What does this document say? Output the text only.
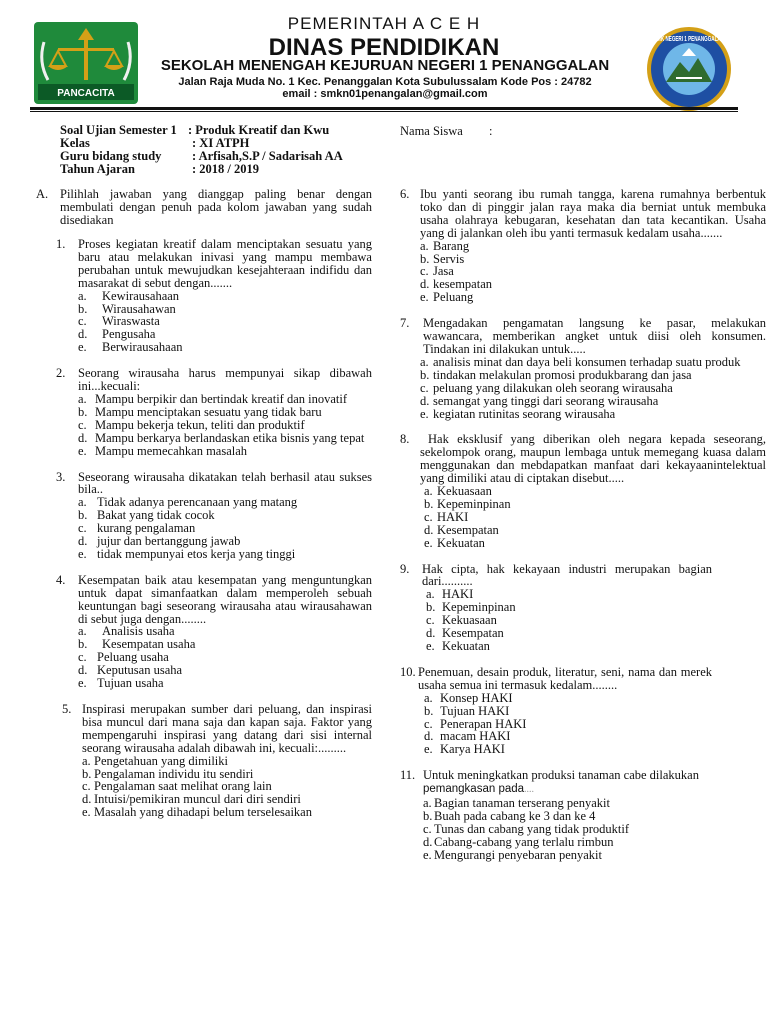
PEMERINTAH A C E H
DINAS PENDIDIKAN
SEKOLAH MENENGAH KEJURUAN NEGERI 1 PENANGGALAN
Jalan Raja Muda No. 1 Kec. Penanggalan Kota Subulussalam Kode Pos : 24782
email : smkn01penangalan@gmail.com
PANCACITA
SMK NEGERI 1 PENANGGALAN
Soal Ujian Semester 1 : Produk Kreatif dan Kwu
Kelas	: XI ATPH
Guru bidang study : Arfisah,S.P / Sadarisah AA
Tahun Ajaran	: 2018 / 2019
Nama Siswa :
A. Pilihlah jawaban yang dianggap paling benar dengan membulati dengan penuh pada kolom jawaban yang sudah disediakan

1. Proses kegiatan kreatif dalam menciptakan sesuatu yang baru atau melakukan inivasi yang mampu membawa perubahan untuk mewujudkan kesejahteraan indifidu dan masarakat di sebut dengan.......

a. Kewirausahaan
b. Wirausahawan
c. Wiraswasta
d. Pengusaha
e. Berwirausahaan
2. Seorang wirausaha harus mempunyai sikap dibawah ini...kecuali:

a. Mampu berpikir dan bertindak kreatif dan inovatif
b. Mampu menciptakan sesuatu yang tidak baru
c. Mampu bekerja tekun, teliti dan produktif
d. Mampu berkarya berlandaskan etika bisnis yang tepat
e. Mampu memecahkan masalah
3. Seseorang wirausaha dikatakan telah berhasil atau sukses bila..

a. Tidak adanya perencanaan yang matang
b. Bakat yang tidak cocok
c. kurang pengalaman
d. jujur dan bertanggung jawab
e. tidak mempunyai etos kerja yang tinggi
4. Kesempatan baik atau kesempatan yang menguntungkan untuk dapat simanfaatkan dalam memperoleh sebuah keuntungan bagi seseorang wirausaha atau wirausahawan di sebut juga dengan........

a. Analisis usaha
b. Kesempatan usaha
c. Peluang usaha
d. Keputusan usaha
e. Tujuan usaha
5. Inspirasi merupakan sumber dari peluang, dan inspirasi bisa muncul dari mana saja dan kapan saja. Faktor yang mempengaruhi inspirasi yang datang dari sisi internal seorang wirausaha adalah dibawah ini, kecuali:.........

a. Pengetahuan yang dimiliki
b. Pengalaman individu itu sendiri
c. Pengalaman saat melihat orang lain
d. Intuisi/pemikiran muncul dari diri sendiri
e. Masalah yang dihadapi belum terselesaikan
6. Ibu yanti seorang ibu rumah tangga, karena rumahnya berbentuk toko dan di pinggir jalan raya maka dia berniat untuk membuka usaha olahraya kebugaran, kesehatan dan tata kecantikan. Usaha yang di jalankan oleh ibu yanti termasuk kedalam usaha.......

a. Barang
b. Servis
c. Jasa
d. kesempatan
e. Peluang
7. Mengadakan pengamatan langsung ke pasar, melakukan wawancara, memberikan angket untuk diisi oleh konsumen. Tindakan ini dilakukan untuk.....

a. analisis minat dan daya beli konsumen terhadap suatu produk
b. tindakan melakulan promosi produkbarang dan jasa
c. peluang yang dilakukan oleh seorang wirausaha
d. semangat yang tinggi dari seorang wirausaha
e. kegiatan rutinitas seorang wirausaha
8.	Hak eksklusif yang diberikan oleh negara kepada seseorang, sekelompok orang, maupun lembaga untuk memegang kuasa dalam menggunakan dan mebdapatkan manfaat dari kekayaanintelektual yang dimiliki atau di ciptakan disebut.....

a. Kekuasaan
b. Kepeminpinan
c. HAKI
d. Kesempatan
e. Kekuatan
9. Hak cipta, hak kekayaan industri merupakan bagian dari..........

a. HAKI
b. Kepeminpinan
c. Kekuasaan
d. Kesempatan
e. Kekuatan
10. Penemuan, desain produk, literatur, seni, nama dan merek usaha semua ini termasuk kedalam........

a. Konsep HAKI
b. Tujuan HAKI
c. Penerapan HAKI
d. macam HAKI
e. Karya HAKI
11. Untuk meningkatkan produksi tanaman cabe dilakukan

pemangkasan pada....

a. Bagian tanaman terserang penyakit
b. Buah pada cabang ke 3 dan ke 4
c. Tunas dan cabang yang tidak produktif
d. Cabang-cabang yang terlalu rimbun
e. Mengurangi penyebaran penyakit
